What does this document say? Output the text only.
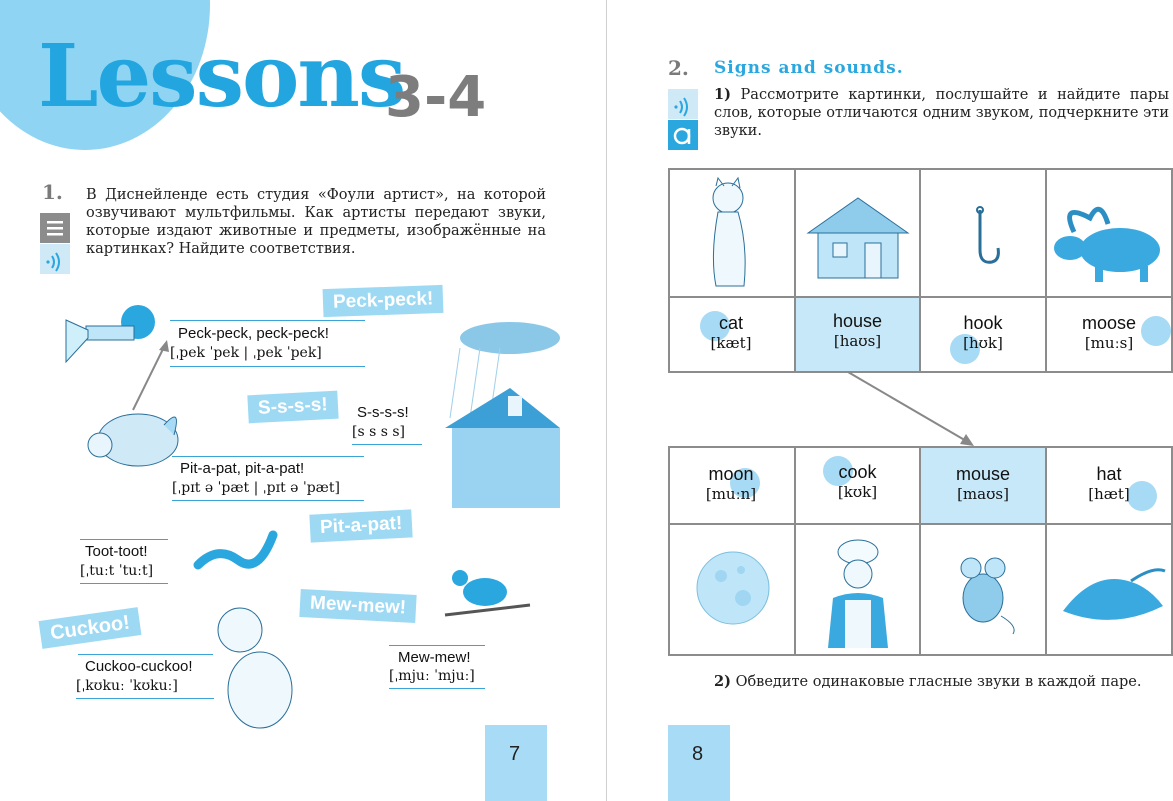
Lessons
3-4
1. В Диснейленде есть студия «Фоули артист», на которой озвучивают мультфильмы. Как артисты передают звуки, которые издают животные и предметы, изображённые на картинках? Найдите соответствия.
Peck-peck!
S-s-s-s!
Pit-a-pat!
Mew-mew!
Cuckoo!
Peck-peck, peck-peck!
[ˌpek ˈpek | ˌpek ˈpek]
S-s-s-s!
[s s s s]
Pit-a-pat, pit-a-pat!
[ˌpɪt ə ˈpæt | ˌpɪt ə ˈpæt]
Toot-toot!
[ˌtuːt ˈtuːt]
Cuckoo-cuckoo!
[ˌkʊkuː ˈkʊkuː]
Mew-mew!
[ˌmjuː ˈmjuː]
7
2. Signs and sounds.
1) Рассмотрите картинки, послушайте и найдите пары слов, которые отличаются одним звуком, подчеркните эти звуки.
cat
[kæt]
house
[haʊs]
hook
[hʊk]
moose
[muːs]
moon
[muːn]
cook
[kʊk]
mouse
[maʊs]
hat
[hæt]
2) Обведите одинаковые гласные звуки в каждой паре.
8
